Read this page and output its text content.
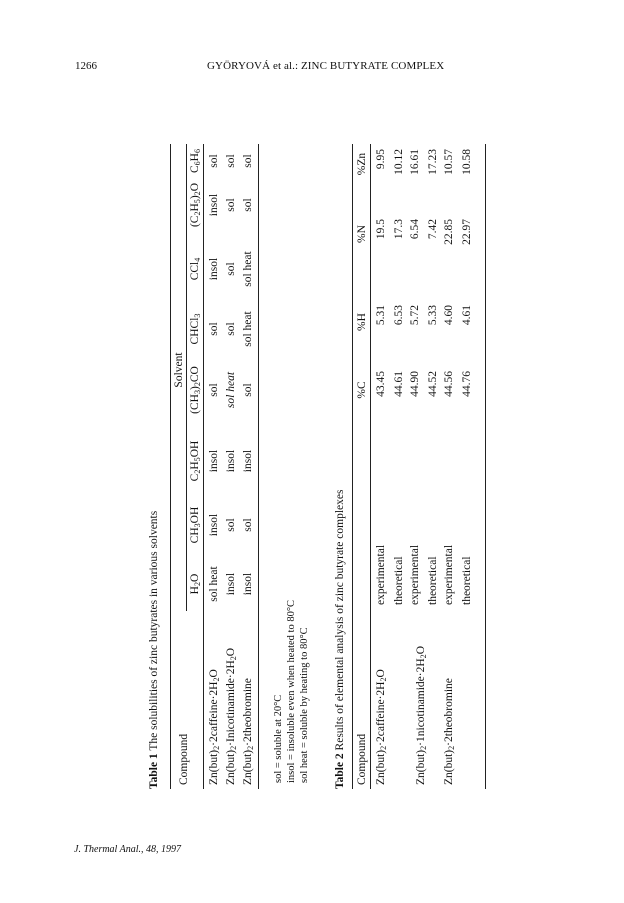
1266	GYÖRYOVÁ et al.: ZINC BUTYRATE COMPLEX
Table 1 The solubilities of zinc butyrates in various solvents
Compound
Solvent
$H_2O$
$CH_3OH$
$C_2H_5OH$
$(CH_3)_2CO$
CHCl$_3$
CCl$_4$
$(C_2H_5)_2O$
$C_6H_6$
$Zn(but)_2\cdot 2caffeine\cdot 2H_2O$
sol heat
insol
insol
sol
sol
insol
insol
sol
$Zn(but)_2\cdot Inicotinamide\cdot 2H_2O$
insol
sol
insol
sol heat
sol
sol
sol
sol
$Zn(but)_2\cdot 2theobromine$
insol
sol
insol
sol
sol heat
sol heat
sol
sol
sol = soluble at 20°C insol = insoluble even when heated to 80°C sol heat = soluble by heating to 80°C Table 2 Results of elemental analysis of zinc butyrate complexes
Compound
%C
%H
%N
%Zn
$Zn(but)_2\cdot 2caffeine\cdot 2H_2O$
experimental
43.45
5.31
19.5
9.95
theoretical
44.61
6.53
17.3
10.12
$Zn(but)_2\cdot 1nicotinamide\cdot 2H_2O$
experimental
44.90
5.72
6.54
16.61
theoretical
44.52
5.33
7.42
17.23
$Zn(but)_2\cdot 2theobromine$
experimental
44.56
4.60
22.85
10.57
theoretical
44.76
4.61
22.97
10.58
J. Thermal Anal., 48, 1997
